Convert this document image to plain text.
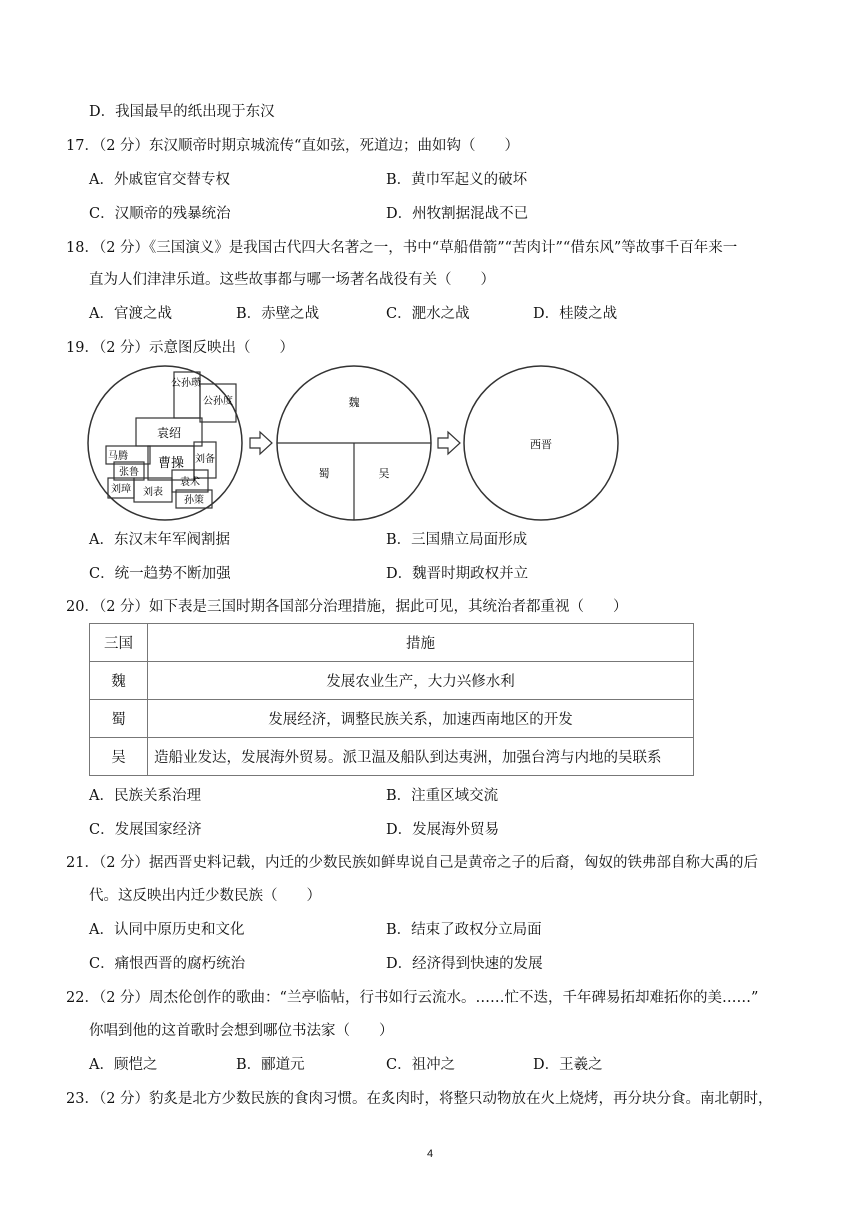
D．我国最早的纸出现于东汉
17．（2 分）东汉顺帝时期京城流传“直如弦，死道边；曲如钩（　　）
A．外戚宦官交替专权	B．黄巾军起义的破坏
C．汉顺帝的残暴统治	D．州牧割据混战不已
18．（2 分）《三国演义》是我国古代四大名著之一，书中“草船借箭”“苦肉计”“借东风”等故事千百年来一
直为人们津津乐道。这些故事都与哪一场著名战役有关（　　）
A．官渡之战	B．赤壁之战	C．淝水之战	D．桂陵之战
19．（2 分）示意图反映出（　　）
公孙瓒
公孙度
袁绍
马腾
张鲁
曹操 刘备
刘璋 刘表
袁术
孙策
魏
蜀	吴
西晋
A．东汉末年军阀割据	B．三国鼎立局面形成
C．统一趋势不断加强	D．魏晋时期政权并立
20．（2 分）如下表是三国时期各国部分治理措施，据此可见，其统治者都重视（　　）
三国	措施
魏	发展农业生产，大力兴修水利
蜀	发展经济，调整民族关系，加速西南地区的开发
吴	造船业发达，发展海外贸易。派卫温及船队到达夷洲，加强台湾与内地的吴联系
A．民族关系治理	B．注重区域交流
C．发展国家经济	D．发展海外贸易
21．（2 分）据西晋史料记载，内迁的少数民族如鲜卑说自己是黄帝之子的后裔，匈奴的铁弗部自称大禹的后
代。这反映出内迁少数民族（　　）
A．认同中原历史和文化	B．结束了政权分立局面
C．痛恨西晋的腐朽统治	D．经济得到快速的发展
22．（2 分）周杰伦创作的歌曲：“兰亭临帖，行书如行云流水。……忙不迭，千年碑易拓却难拓你的美……”
你唱到他的这首歌时会想到哪位书法家（　　）
A．顾恺之	B．郦道元	C．祖冲之	D．王羲之
23．（2 分）豹炙是北方少数民族的食肉习惯。在炙肉时，将整只动物放在火上烧烤，再分块分食。南北朝时，
4
